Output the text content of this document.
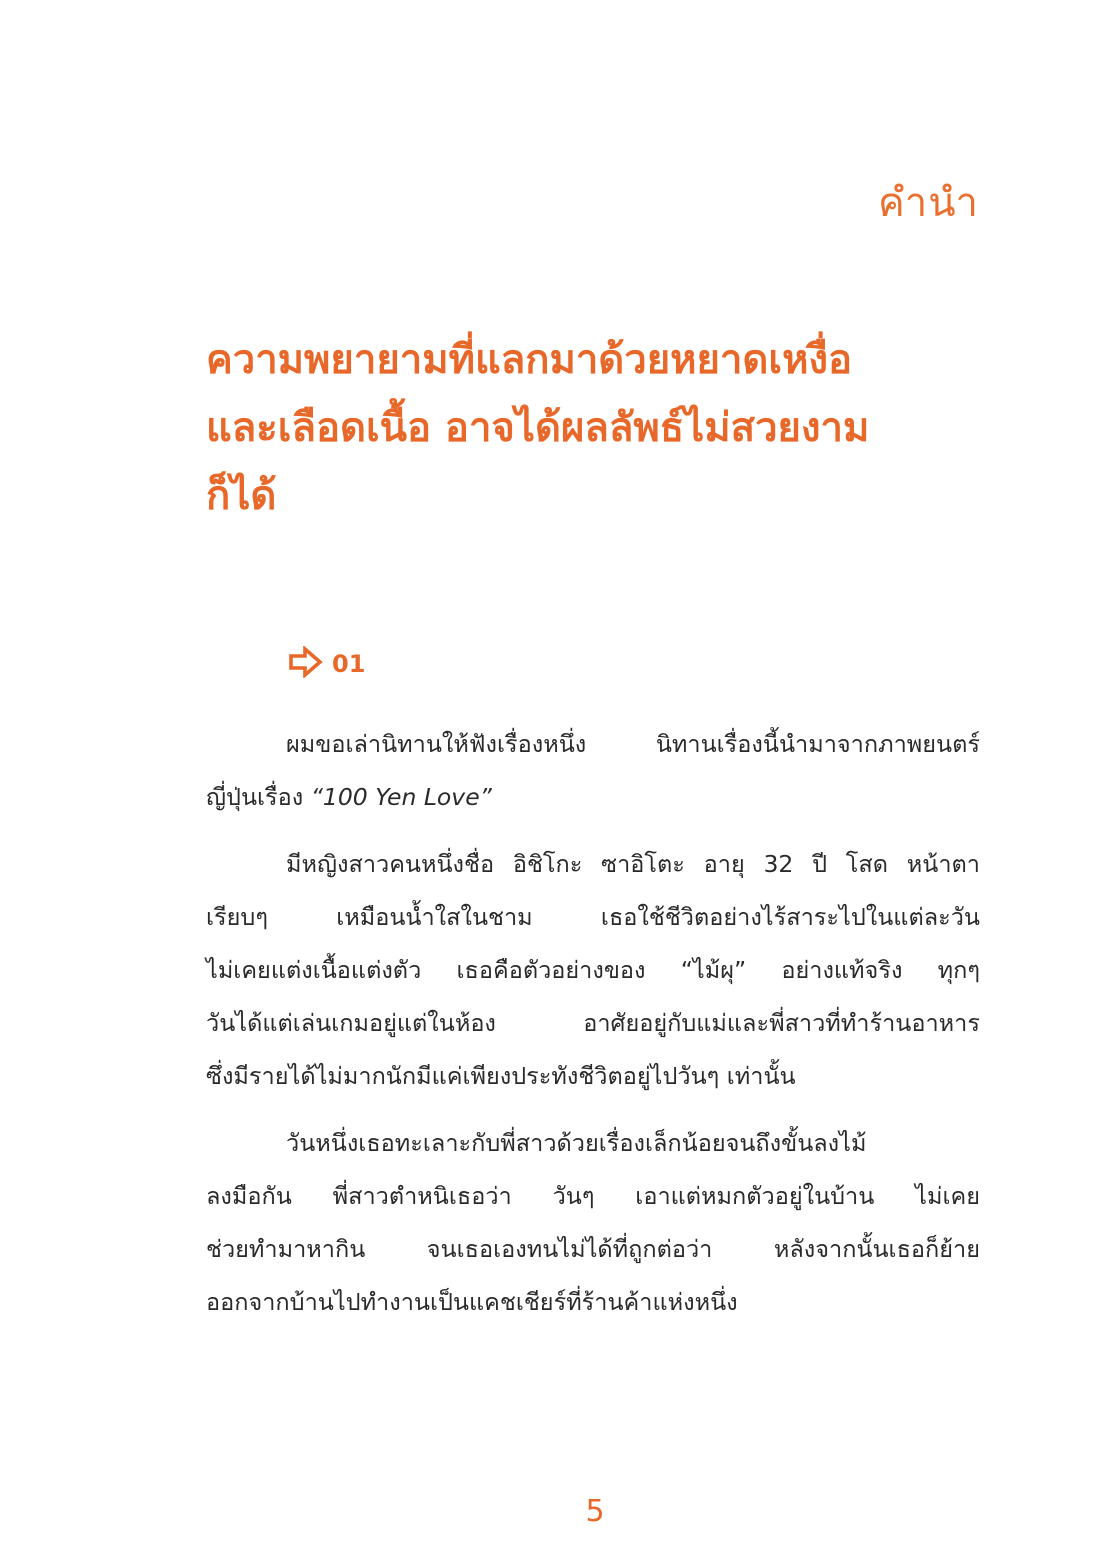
คำนำ
ความพยายามที่แลกมาด้วยหยาดเหงื่อ
และเลือดเนื้อ อาจได้ผลลัพธ์ไม่สวยงาม
ก็ได้
01
ผมขอเล่านิทานให้ฟังเรื่องหนึ่ง นิทานเรื่องนี้นำมาจากภาพยนตร์
ญี่ปุ่นเรื่อง “100 Yen Love”
มีหญิงสาวคนหนึ่งชื่อ อิชิโกะ ซาอิโตะ อายุ 32 ปี โสด หน้าตา
เรียบๆ เหมือนน้ำใสในชาม เธอใช้ชีวิตอย่างไร้สาระไปในแต่ละวัน
ไม่เคยแต่งเนื้อแต่งตัว เธอคือตัวอย่างของ “ไม้ผุ” อย่างแท้จริง ทุกๆ
วันได้แต่เล่นเกมอยู่แต่ในห้อง อาศัยอยู่กับแม่และพี่สาวที่ทำร้านอาหาร
ซึ่งมีรายได้ไม่มากนักมีแค่เพียงประทังชีวิตอยู่ไปวันๆ เท่านั้น
วันหนึ่งเธอทะเลาะกับพี่สาวด้วยเรื่องเล็กน้อยจนถึงขั้นลงไม้
ลงมือกัน พี่สาวตำหนิเธอว่า วันๆ เอาแต่หมกตัวอยู่ในบ้าน ไม่เคย
ช่วยทำมาหากิน จนเธอเองทนไม่ได้ที่ถูกต่อว่า หลังจากนั้นเธอก็ย้าย
ออกจากบ้านไปทำงานเป็นแคชเชียร์ที่ร้านค้าแห่งหนึ่ง
5
